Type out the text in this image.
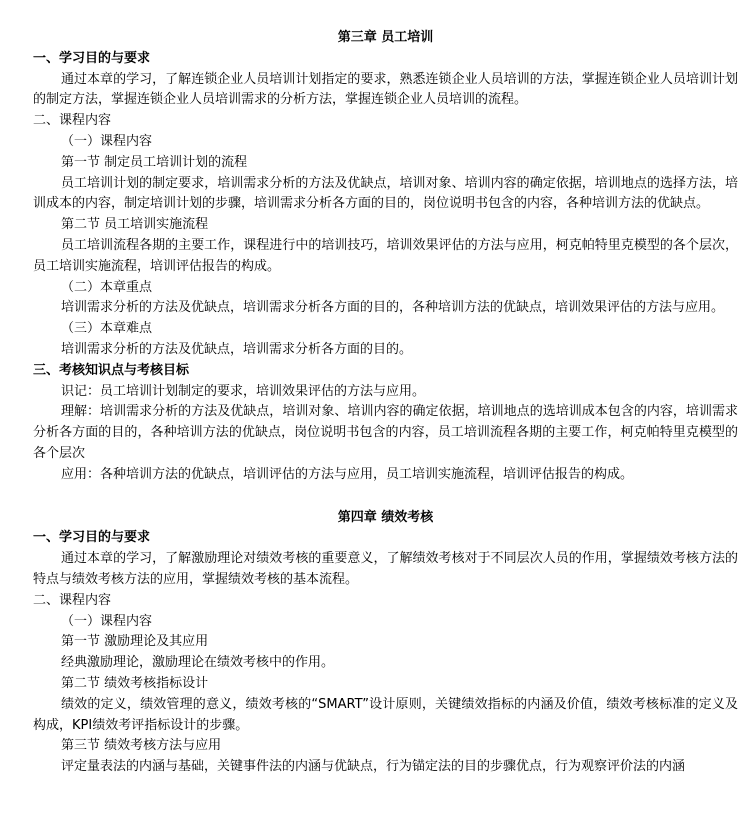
第三章 员工培训
一、学习目的与要求

通过本章的学习，了解连锁企业人员培训计划指定的要求，熟悉连锁企业人员培训的方法，掌握连锁企业人员培训计划的制定方法，掌握连锁企业人员培训需求的分析方法，掌握连锁企业人员培训的流程。

二、课程内容
（一）课程内容
第一节 制定员工培训计划的流程

员工培训计划的制定要求，培训需求分析的方法及优缺点，培训对象、培训内容的确定依据，培训地点的选择方法，培训成本的内容，制定培训计划的步骤，培训需求分析各方面的目的，岗位说明书包含的内容，各种培训方法的优缺点。

第二节 员工培训实施流程

员工培训流程各期的主要工作，课程进行中的培训技巧，培训效果评估的方法与应用，柯克帕特里克模型的各个层次，员工培训实施流程，培训评估报告的构成。

（二）本章重点

培训需求分析的方法及优缺点，培训需求分析各方面的目的，各种培训方法的优缺点，培训效果评估的方法与应用。

（三）本章难点

培训需求分析的方法及优缺点，培训需求分析各方面的目的。

三、考核知识点与考核目标

识记：员工培训计划制定的要求，培训效果评估的方法与应用。

理解：培训需求分析的方法及优缺点，培训对象、培训内容的确定依据，培训地点的选培训成本包含的内容，培训需求分析各方面的目的，各种培训方法的优缺点，岗位说明书包含的内容，员工培训流程各期的主要工作，柯克帕特里克模型的各个层次

应用：各种培训方法的优缺点，培训评估的方法与应用，员工培训实施流程，培训评估报告的构成。

第四章 绩效考核
一、学习目的与要求

通过本章的学习，了解激励理论对绩效考核的重要意义，了解绩效考核对于不同层次人员的作用，掌握绩效考核方法的特点与绩效考核方法的应用，掌握绩效考核的基本流程。

二、课程内容
（一）课程内容
第一节 激励理论及其应用

经典激励理论，激励理论在绩效考核中的作用。

第二节 绩效考核指标设计

绩效的定义，绩效管理的意义，绩效考核的“SMART”设计原则，关键绩效指标的内涵及价值，绩效考核标准的定义及构成，KPI绩效考评指标设计的步骤。

第三节 绩效考核方法与应用

评定量表法的内涵与基础，关键事件法的内涵与优缺点，行为锚定法的目的步骤优点，行为观察评价法的内涵
